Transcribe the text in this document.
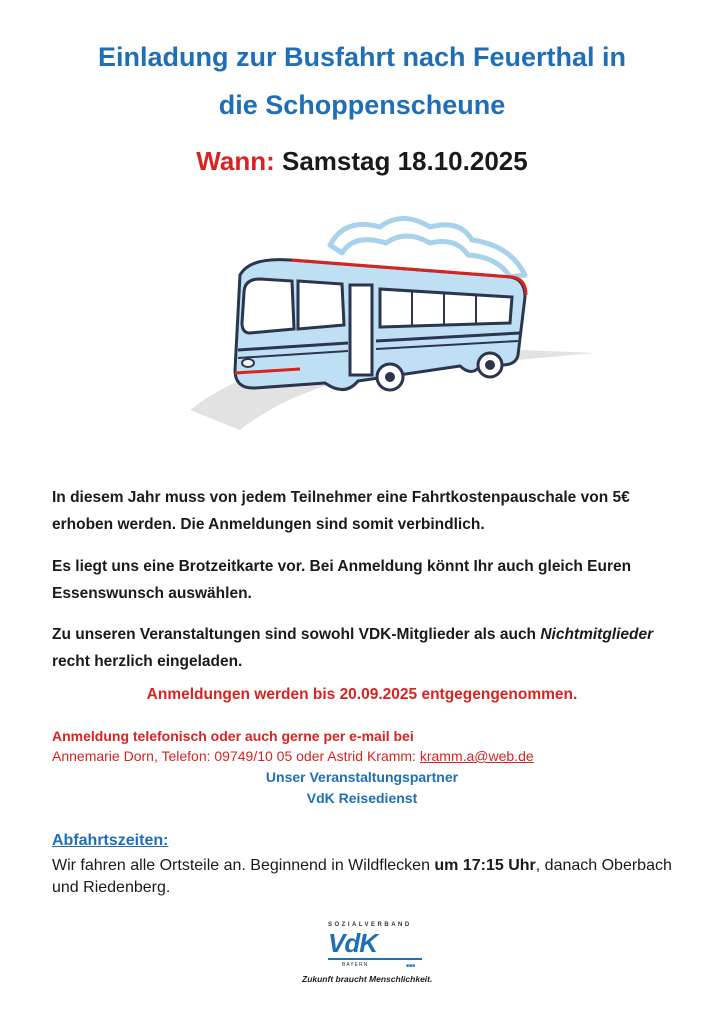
Einladung zur Busfahrt nach Feuerthal in
die Schoppenscheune

Wann: Samstag 18.10.2025

In diesem Jahr muss von jedem Teilnehmer eine Fahrtkostenpauschale von 5€ erhoben werden. Die Anmeldungen sind somit verbindlich.

Es liegt uns eine Brotzeitkarte vor. Bei Anmeldung könnt Ihr auch gleich Euren Essenswunsch auswählen.

Zu unseren Veranstaltungen sind sowohl VDK-Mitglieder als auch Nichtmitglieder recht herzlich eingeladen.

Anmeldungen werden bis 20.09.2025 entgegengenommen.

Anmeldung telefonisch oder auch gerne per e-mail bei

Annemarie Dorn, Telefon: 09749/10 05 oder Astrid Kramm: kramm.a@web.de

Unser Veranstaltungspartner

VdK Reisedienst

Abfahrtszeiten:

Wir fahren alle Ortsteile an. Beginnend in Wildflecken um 17:15 Uhr, danach Oberbach und Riedenberg.

SOZIALVERBAND
VdK
BAYERN	■■■
Zukunft braucht Menschlichkeit.
